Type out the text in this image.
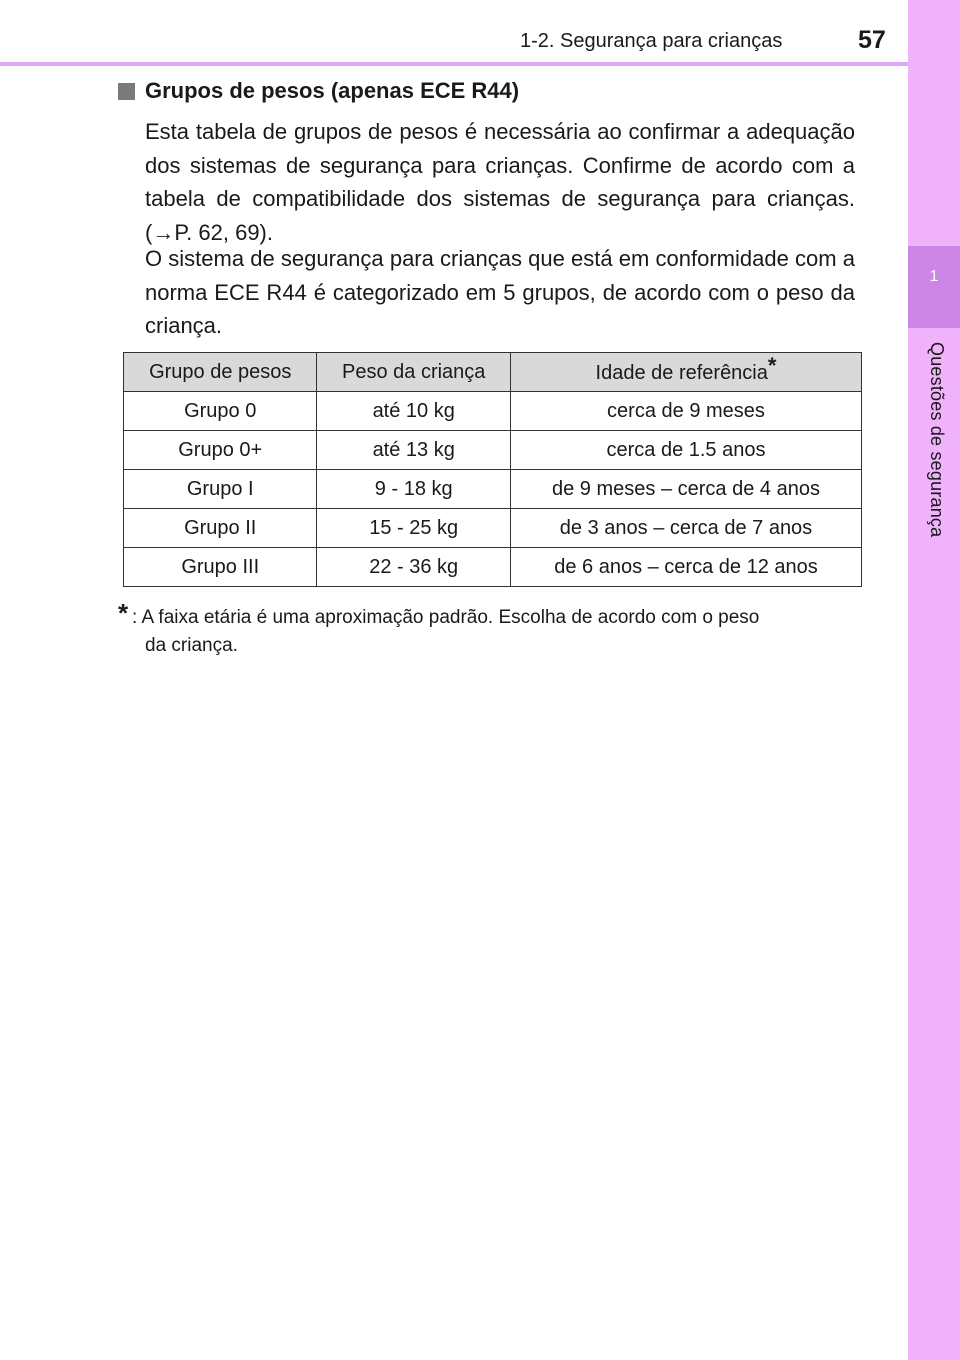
1-2. Segurança para crianças	57
1
Questões de segurança
Grupos de pesos (apenas ECE R44)

Esta tabela de grupos de pesos é necessária ao confirmar a adequação dos sistemas de segurança para crianças. Confirme de acordo com a tabela de compatibilidade dos sistemas de segurança para crianças. (→P. 62, 69).

O sistema de segurança para crianças que está em conformidade com a norma ECE R44 é categorizado em 5 grupos, de acordo com o peso da criança.

Grupo de pesos	Peso da criança	Idade de referência*
Grupo 0	até 10 kg	cerca de 9 meses
Grupo 0+	até 13 kg	cerca de 1.5 anos
Grupo I	9 - 18 kg	de 9 meses – cerca de 4 anos
Grupo II	15 - 25 kg	de 3 anos – cerca de 7 anos
Grupo III	22 - 36 kg	de 6 anos – cerca de 12 anos
* : A faixa etária é uma aproximação padrão. Escolha de acordo com o peso
da criança.
